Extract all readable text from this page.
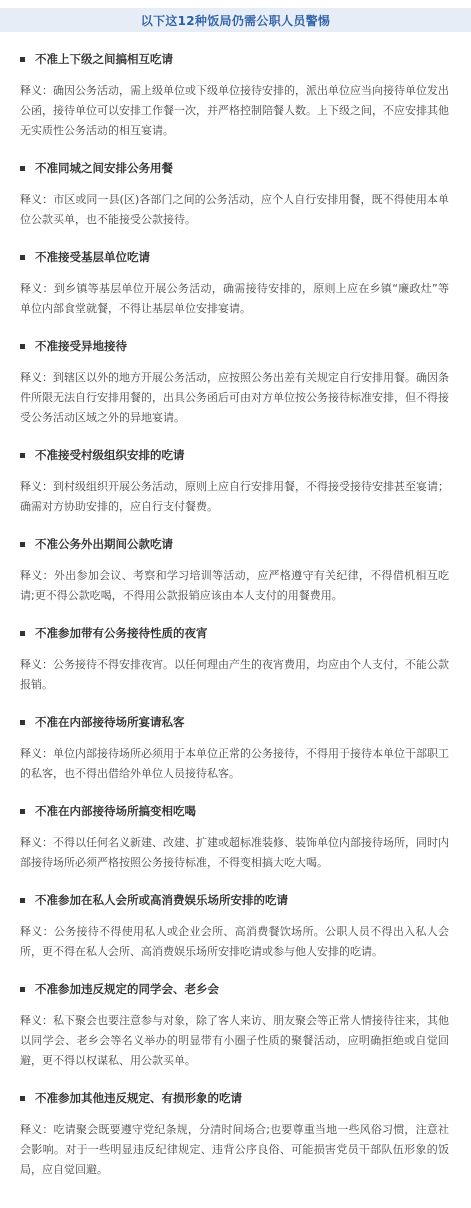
以下这12种饭局仍需公职人员警惕
不准上下级之间搞相互吃请
释义：确因公务活动，需上级单位或下级单位接待安排的，派出单位应当向接待单位发出公函，接待单位可以安排工作餐一次，并严格控制陪餐人数。上下级之间，不应安排其他无实质性公务活动的相互宴请。
不准同城之间安排公务用餐
释义：市区或同一县(区)各部门之间的公务活动，应个人自行安排用餐，既不得使用本单位公款买单，也不能接受公款接待。
不准接受基层单位吃请
释义：到乡镇等基层单位开展公务活动，确需接待安排的，原则上应在乡镇“廉政灶”等单位内部食堂就餐，不得让基层单位安排宴请。
不准接受异地接待
释义：到辖区以外的地方开展公务活动，应按照公务出差有关规定自行安排用餐。确因条件所限无法自行安排用餐的，出具公务函后可由对方单位按公务接待标准安排，但不得接受公务活动区域之外的异地宴请。
不准接受村级组织安排的吃请
释义：到村级组织开展公务活动，原则上应自行安排用餐，不得接受接待安排甚至宴请；确需对方协助安排的，应自行支付餐费。
不准公务外出期间公款吃请
释义：外出参加会议、考察和学习培训等活动，应严格遵守有关纪律，不得借机相互吃请;更不得公款吃喝，不得用公款报销应该由本人支付的用餐费用。
不准参加带有公务接待性质的夜宵
释义：公务接待不得安排夜宵。以任何理由产生的夜宵费用，均应由个人支付，不能公款报销。
不准在内部接待场所宴请私客
释义：单位内部接待场所必须用于本单位正常的公务接待，不得用于接待本单位干部职工的私客，也不得出借给外单位人员接待私客。
不准在内部接待场所搞变相吃喝
释义：不得以任何名义新建、改建、扩建或超标准装修、装饰单位内部接待场所，同时内部接待场所必须严格按照公务接待标准，不得变相搞大吃大喝。
不准参加在私人会所或高消费娱乐场所安排的吃请
释义：公务接待不得使用私人或企业会所、高消费餐饮场所。公职人员不得出入私人会所，更不得在私人会所、高消费娱乐场所安排吃请或参与他人安排的吃请。
不准参加违反规定的同学会、老乡会
释义：私下聚会也要注意参与对象，除了客人来访、朋友聚会等正常人情接待往来，其他以同学会、老乡会等名义举办的明显带有小圈子性质的聚餐活动，应明确拒绝或自觉回避，更不得以权谋私、用公款买单。
不准参加其他违反规定、有损形象的吃请
释义：吃请聚会既要遵守党纪条规，分清时间场合;也要尊重当地一些风俗习惯，注意社会影响。对于一些明显违反纪律规定、违背公序良俗、可能损害党员干部队伍形象的饭局，应自觉回避。
